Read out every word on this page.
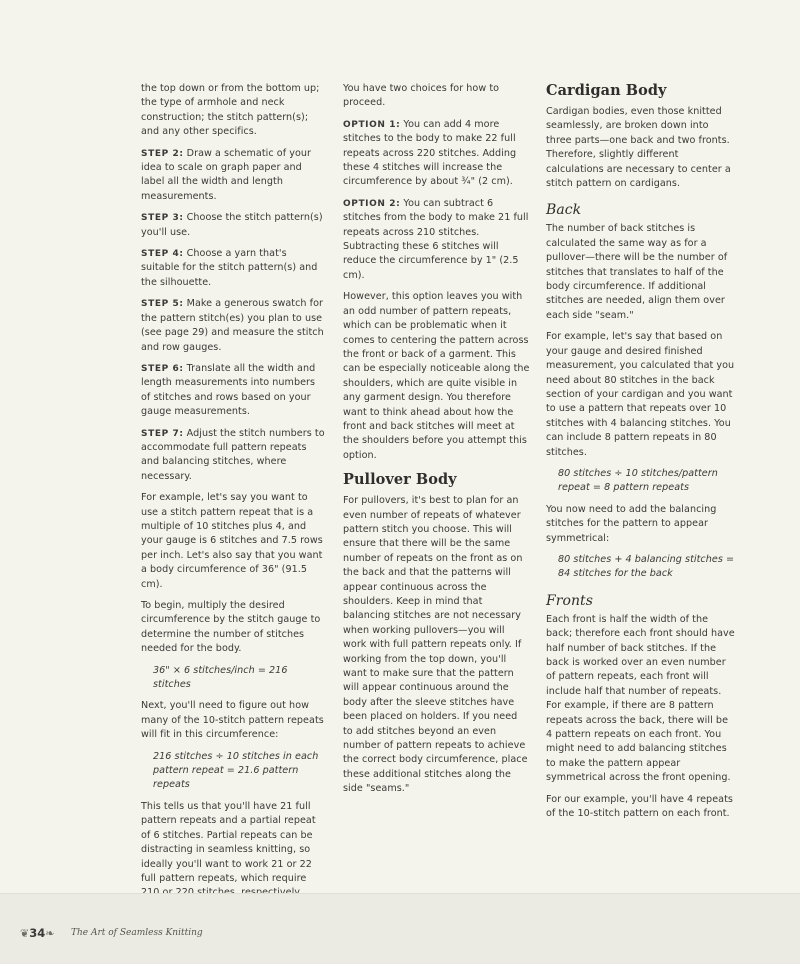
the top down or from the bottom up; the type of armhole and neck construction; the stitch pattern(s); and any other specifics.

STEP 2: Draw a schematic of your idea to scale on graph paper and label all the width and length measurements.

STEP 3: Choose the stitch pattern(s) you'll use.

STEP 4: Choose a yarn that's suitable for the stitch pattern(s) and the silhouette.

STEP 5: Make a generous swatch for the pattern stitch(es) you plan to use (see page 29) and measure the stitch and row gauges.

STEP 6: Translate all the width and length measurements into numbers of stitches and rows based on your gauge measurements.

STEP 7: Adjust the stitch numbers to accommodate full pattern repeats and balancing stitches, where necessary.

For example, let's say you want to use a stitch pattern repeat that is a multiple of 10 stitches plus 4, and your gauge is 6 stitches and 7.5 rows per inch. Let's also say that you want a body circumference of 36" (91.5 cm).

To begin, multiply the desired circumference by the stitch gauge to determine the number of stitches needed for the body.

36" × 6 stitches/inch = 216 stitches

Next, you'll need to figure out how many of the 10-stitch pattern repeats will fit in this circumference:

216 stitches ÷ 10 stitches in each pattern repeat = 21.6 pattern repeats

This tells us that you'll have 21 full pattern repeats and a partial repeat of 6 stitches. Partial repeats can be distracting in seamless knitting, so ideally you'll want to work 21 or 22 full pattern repeats, which require

You have two choices for how to proceed.

OPTION 1: You can add 4 more stitches to the body to make 22 full repeats across 220 stitches. Adding these 4 stitches will increase the circumference by about ¾" (2 cm).

OPTION 2: You can subtract 6 stitches from the body to make 21 full repeats across 210 stitches. Subtracting these 6 stitches will reduce the circumference by 1" (2.5 cm).

However, this option leaves you with an odd number of pattern repeats, which can be problematic when it comes to centering the pattern across the front or back of a garment. This can be especially noticeable along the shoulders, which are quite visible in any garment design. You therefore want to think ahead about how the front and back stitches will meet at the shoulders before you attempt this option.

Pullover Body

For pullovers, it's best to plan for an even number of repeats of whatever pattern stitch you choose. This will ensure that there will be the same number of repeats on the front as on the back and that the patterns will appear continuous across the shoulders. Keep in mind that balancing stitches are not necessary when working pullovers—you will work with full pattern repeats only. If working from the top down, you'll want to make sure that the pattern will appear continuous around the body after the sleeve stitches have been placed on holders. If you need to add stitches beyond an even number of pattern repeats to achieve the correct body circumference, place these additional stitches along the side "seams."

Cardigan Body

Cardigan bodies, even those knitted seamlessly, are broken down into three parts—one back and two fronts. Therefore, slightly different calculations are necessary to center a stitch pattern on cardigans.

Back

The number of back stitches is calculated the same way as for a pullover—there will be the number of stitches that translates to half of the body circumference. If additional stitches are needed, align them over each side "seam."

For example, let's say that based on your gauge and desired finished measurement, you calculated that you need about 80 stitches in the back section of your cardigan and you want to use a pattern that repeats over 10 stitches with 4 balancing stitches. You can include 8 pattern repeats in 80 stitches.

80 stitches ÷ 10 stitches/pattern repeat = 8 pattern repeats

You now need to add the balancing stitches for the pattern to appear symmetrical:

80 stitches + 4 balancing stitches = 84 stitches for the back

Fronts

Each front is half the width of the back; therefore each front should have half number of back stitches. If the back is worked over an even number of pattern repeats, each front will include half that number of repeats. For example, if there are 8 pattern repeats across the back, there will be 4 pattern repeats on each front. You might need to add balancing stitches to make the pattern appear symmetrical across the front opening.

For our example, you'll have 4 repeats of the 10-stitch pattern on each front.

❦ 34 ❧ The Art of Seamless Knitting
